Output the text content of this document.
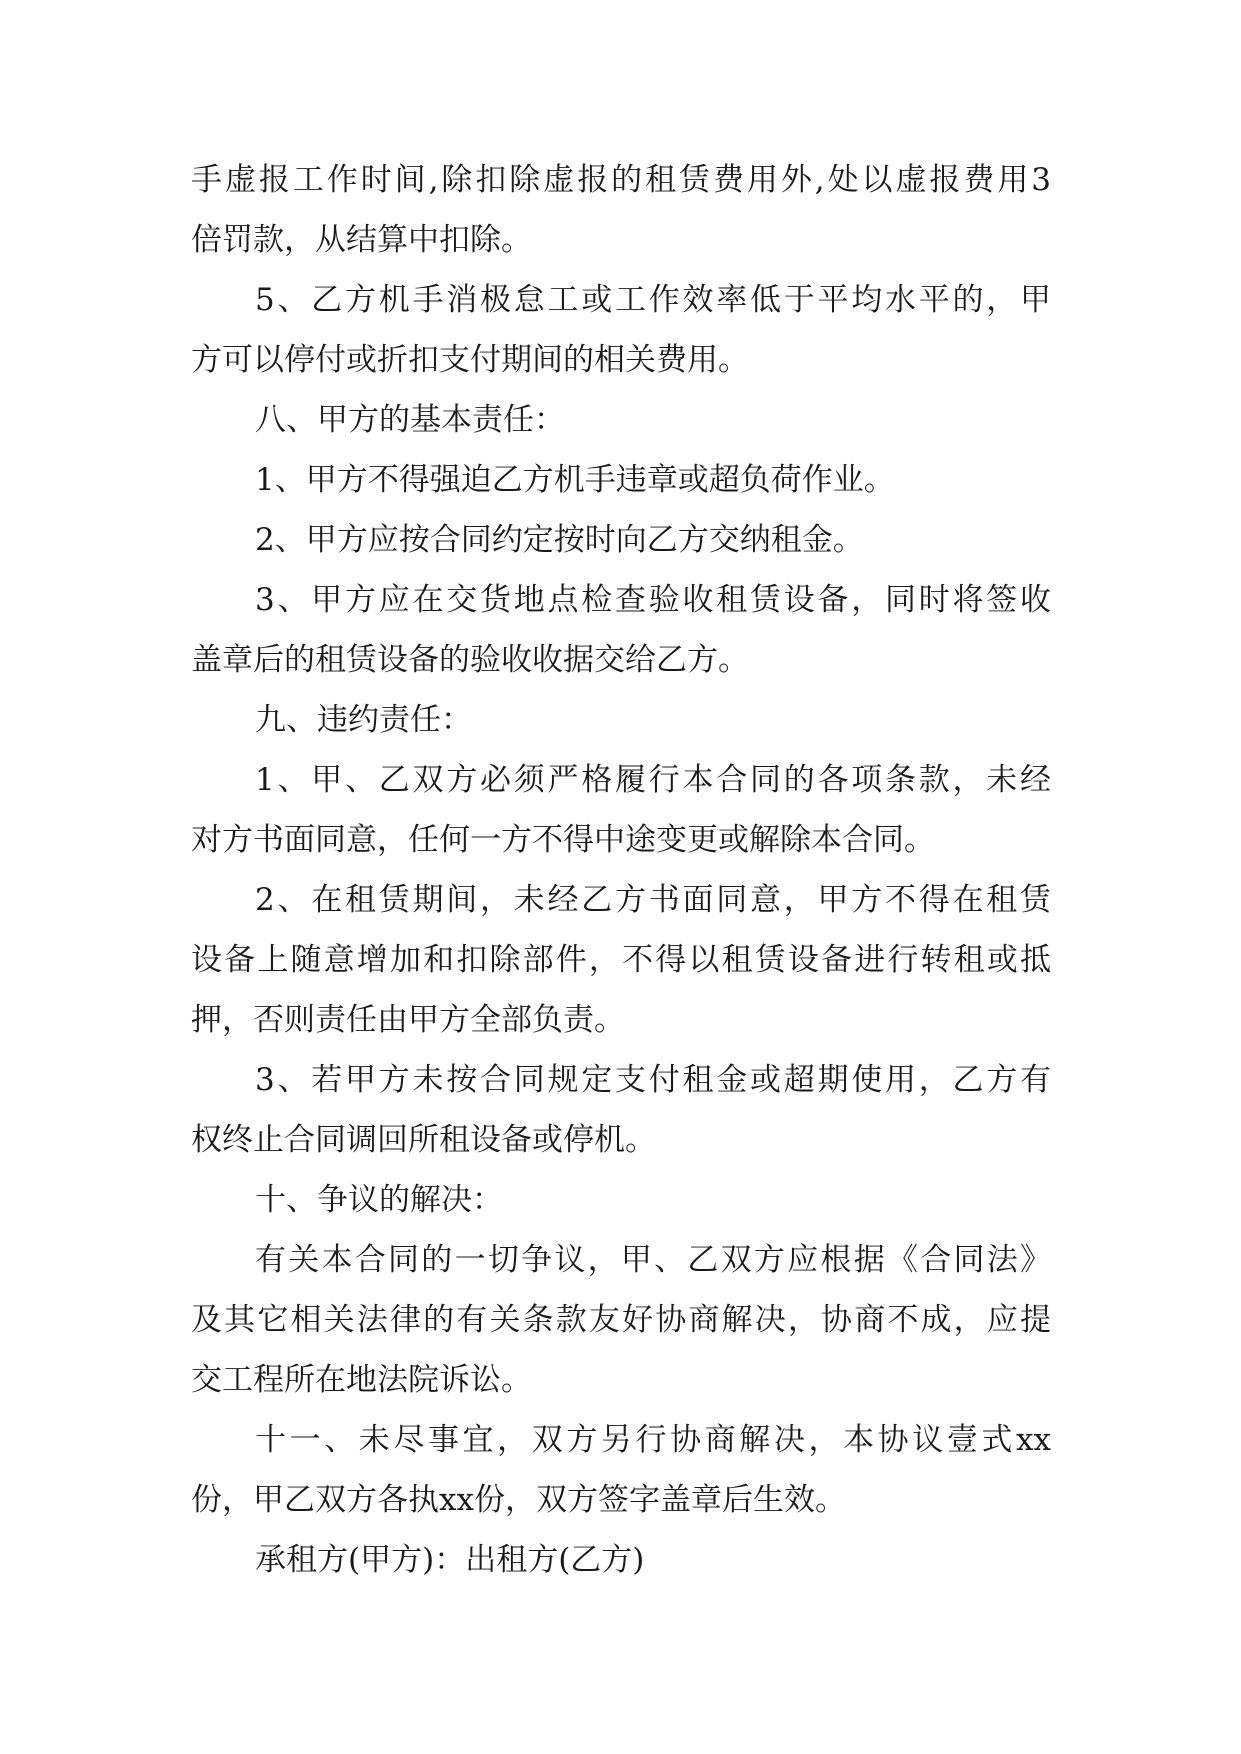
手虚报工作时间,除扣除虚报的租赁费用外,处以虚报费用3
倍罚款，从结算中扣除。
5、乙方机手消极怠工或工作效率低于平均水平的，甲
方可以停付或折扣支付期间的相关费用。
八、甲方的基本责任：
1、甲方不得强迫乙方机手违章或超负荷作业。
2、甲方应按合同约定按时向乙方交纳租金。
3、甲方应在交货地点检查验收租赁设备，同时将签收
盖章后的租赁设备的验收收据交给乙方。
九、违约责任：
1、甲、乙双方必须严格履行本合同的各项条款，未经
对方书面同意，任何一方不得中途变更或解除本合同。
2、在租赁期间，未经乙方书面同意，甲方不得在租赁
设备上随意增加和扣除部件，不得以租赁设备进行转租或抵
押，否则责任由甲方全部负责。
3、若甲方未按合同规定支付租金或超期使用，乙方有
权终止合同调回所租设备或停机。
十、争议的解决：
有关本合同的一切争议，甲、乙双方应根据《合同法》
及其它相关法律的有关条款友好协商解决，协商不成，应提
交工程所在地法院诉讼。
十一、未尽事宜，双方另行协商解决，本协议壹式xx
份，甲乙双方各执xx份，双方签字盖章后生效。
承租方(甲方)：出租方(乙方)
